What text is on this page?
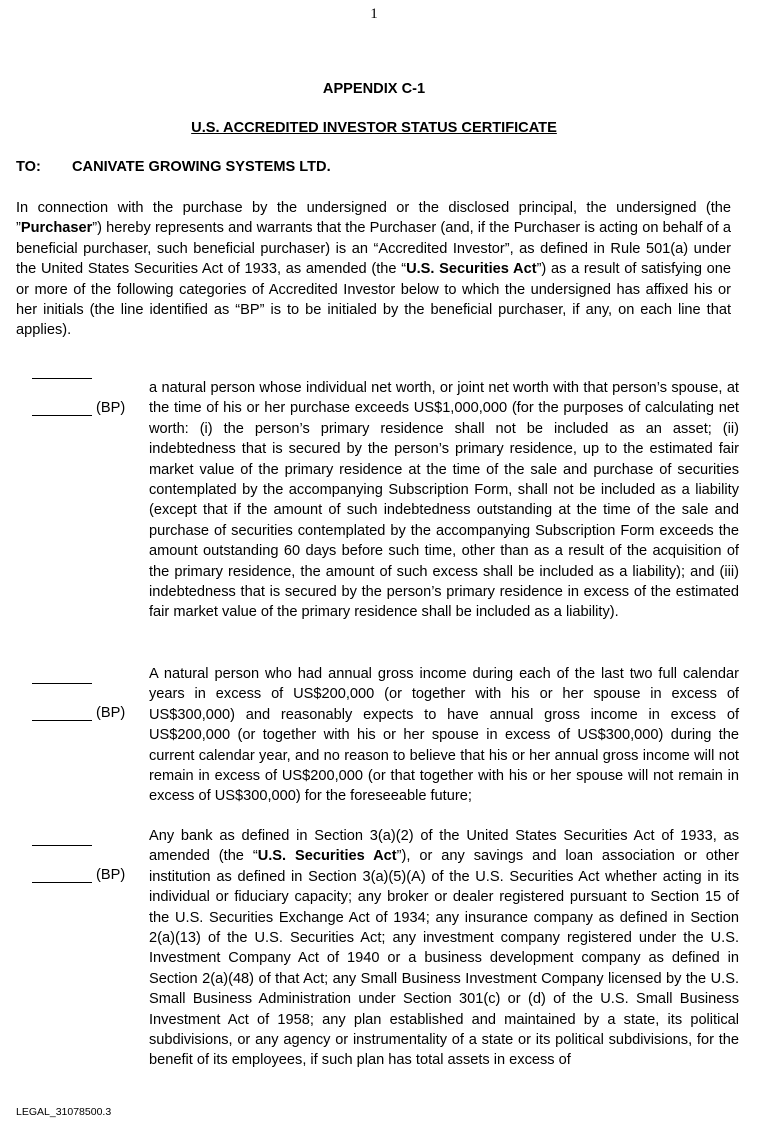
1
APPENDIX C-1
U.S. ACCREDITED INVESTOR STATUS CERTIFICATE
TO: CANIVATE GROWING SYSTEMS LTD.
In connection with the purchase by the undersigned or the disclosed principal, the undersigned (the ”Purchaser”) hereby represents and warrants that the Purchaser (and, if the Purchaser is acting on behalf of a beneficial purchaser, such beneficial purchaser) is an “Accredited Investor”, as defined in Rule 501(a) under the United States Securities Act of 1933, as amended (the “U.S. Securities Act”) as a result of satisfying one or more of the following categories of Accredited Investor below to which the undersigned has affixed his or her initials (the line identified as “BP” is to be initialed by the beneficial purchaser, if any, on each line that applies).
(BP)
a natural person whose individual net worth, or joint net worth with that person’s spouse, at the time of his or her purchase exceeds US$1,000,000 (for the purposes of calculating net worth: (i) the person’s primary residence shall not be included as an asset; (ii) indebtedness that is secured by the person’s primary residence, up to the estimated fair market value of the primary residence at the time of the sale and purchase of securities contemplated by the accompanying Subscription Form, shall not be included as a liability (except that if the amount of such indebtedness outstanding at the time of the sale and purchase of securities contemplated by the accompanying Subscription Form exceeds the amount outstanding 60 days before such time, other than as a result of the acquisition of the primary residence, the amount of such excess shall be included as a liability); and (iii) indebtedness that is secured by the person’s primary residence in excess of the estimated fair market value of the primary residence shall be included as a liability).
(BP)
A natural person who had annual gross income during each of the last two full calendar years in excess of US$200,000 (or together with his or her spouse in excess of US$300,000) and reasonably expects to have annual gross income in excess of US$200,000 (or together with his or her spouse in excess of US$300,000) during the current calendar year, and no reason to believe that his or her annual gross income will not remain in excess of US$200,000 (or that together with his or her spouse will not remain in excess of US$300,000) for the foreseeable future;
(BP)
Any bank as defined in Section 3(a)(2) of the United States Securities Act of 1933, as amended (the “U.S. Securities Act”), or any savings and loan association or other institution as defined in Section 3(a)(5)(A) of the U.S. Securities Act whether acting in its individual or fiduciary capacity; any broker or dealer registered pursuant to Section 15 of the U.S. Securities Exchange Act of 1934; any insurance company as defined in Section 2(a)(13) of the U.S. Securities Act; any investment company registered under the U.S. Investment Company Act of 1940 or a business development company as defined in Section 2(a)(48) of that Act; any Small Business Investment Company licensed by the U.S. Small Business Administration under Section 301(c) or (d) of the U.S. Small Business Investment Act of 1958; any plan established and maintained by a state, its political subdivisions, or any agency or instrumentality of a state or its political subdivisions, for the benefit of its employees, if such plan has total assets in excess of
LEGAL_31078500.3
